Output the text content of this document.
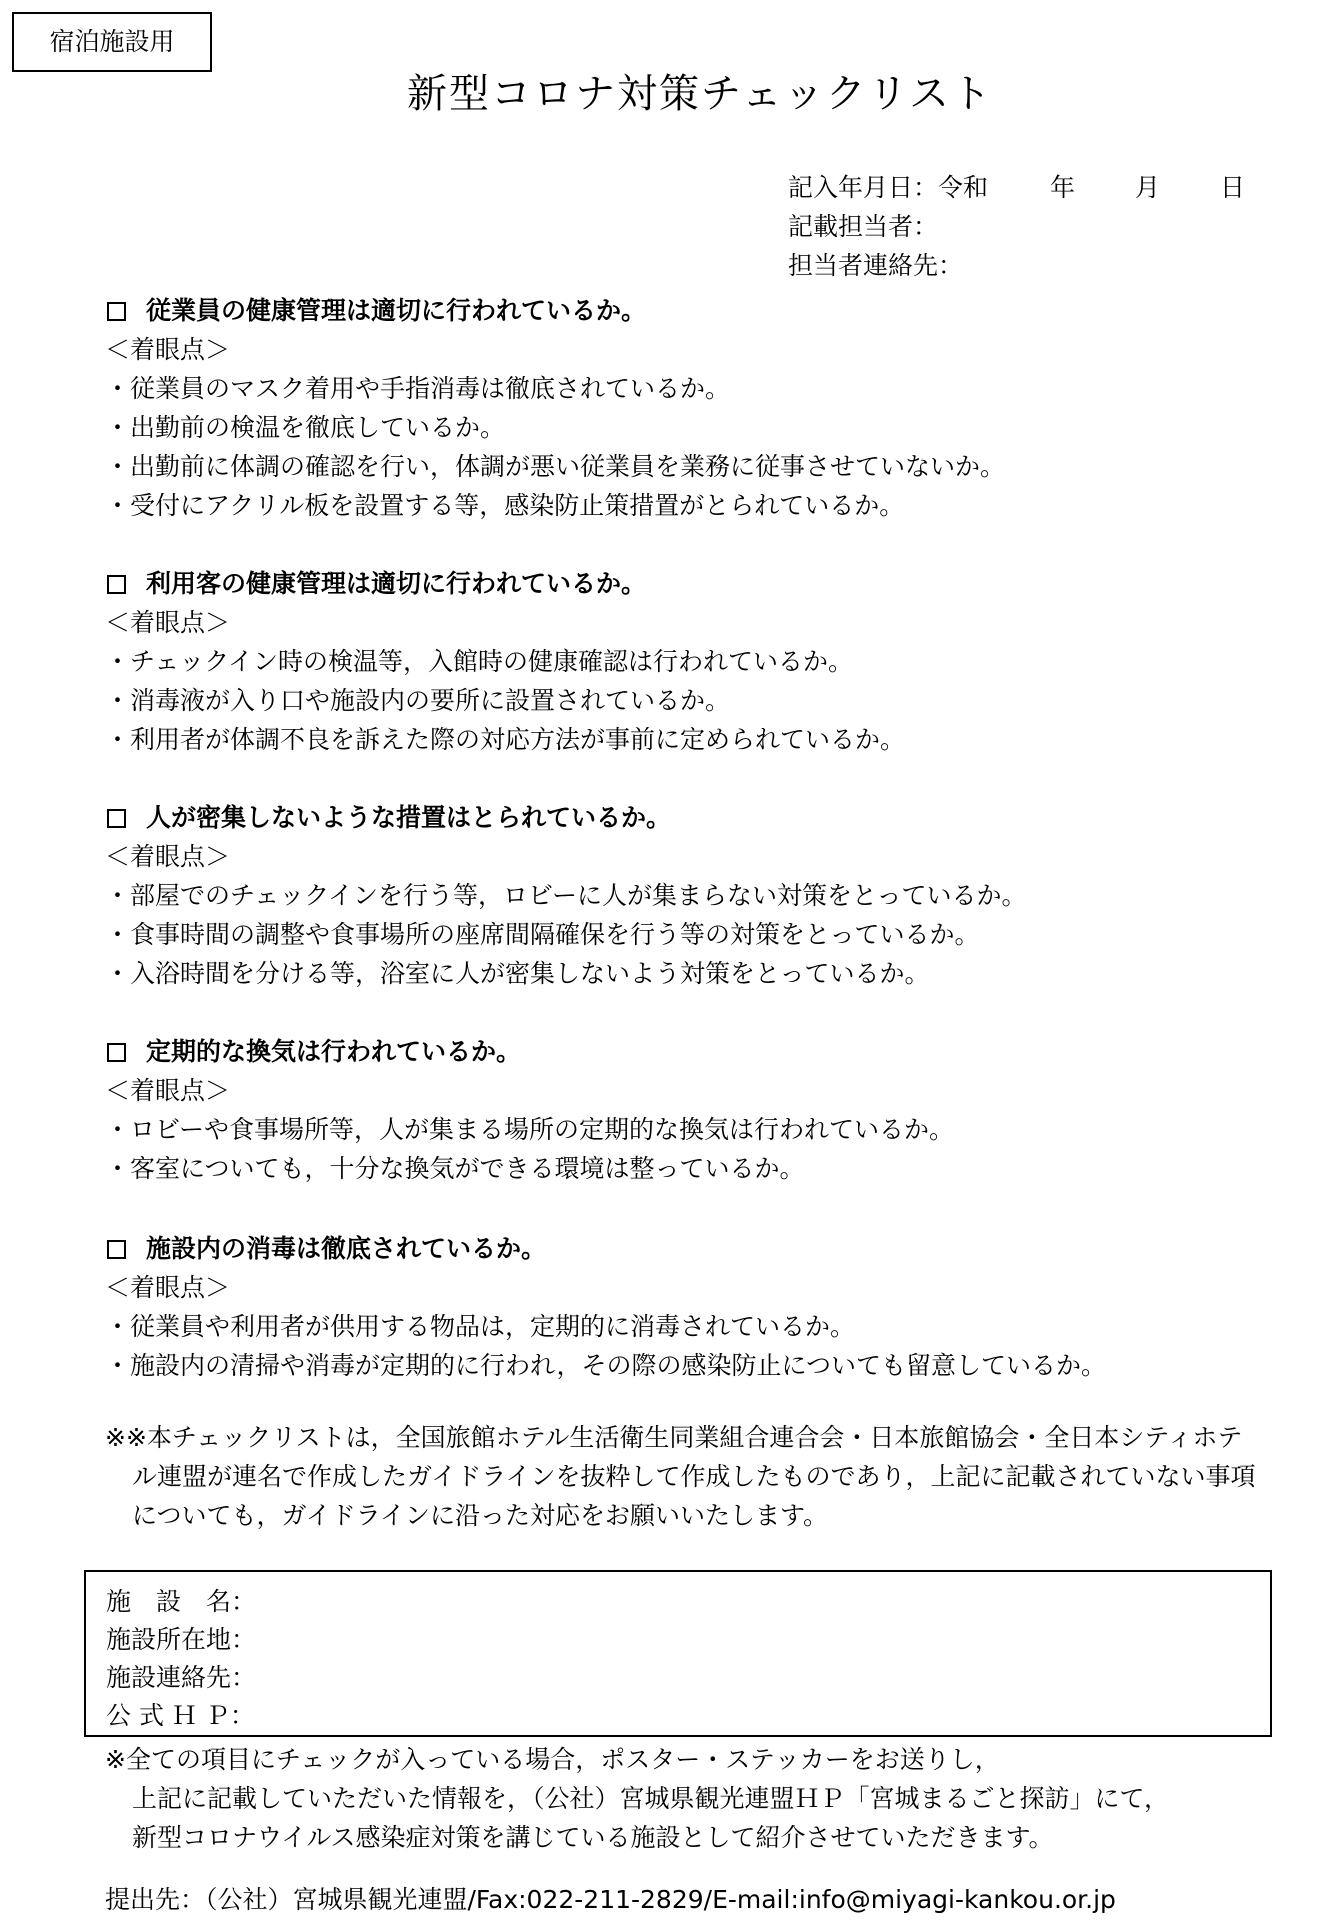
宿泊施設用
新型コロナ対策チェックリスト
記入年月日：令和 年 月 日
記載担当者：
担当者連絡先：
従業員の健康管理は適切に行われているか。
＜着眼点＞
・従業員のマスク着用や手指消毒は徹底されているか。
・出勤前の検温を徹底しているか。
・出勤前に体調の確認を行い，体調が悪い従業員を業務に従事させていないか。
・受付にアクリル板を設置する等，感染防止策措置がとられているか。
利用客の健康管理は適切に行われているか。
＜着眼点＞
・チェックイン時の検温等，入館時の健康確認は行われているか。
・消毒液が入り口や施設内の要所に設置されているか。
・利用者が体調不良を訴えた際の対応方法が事前に定められているか。
人が密集しないような措置はとられているか。
＜着眼点＞
・部屋でのチェックインを行う等，ロビーに人が集まらない対策をとっているか。
・食事時間の調整や食事場所の座席間隔確保を行う等の対策をとっているか。
・入浴時間を分ける等，浴室に人が密集しないよう対策をとっているか。
定期的な換気は行われているか。
＜着眼点＞
・ロビーや食事場所等，人が集まる場所の定期的な換気は行われているか。
・客室についても，十分な換気ができる環境は整っているか。
施設内の消毒は徹底されているか。
＜着眼点＞
・従業員や利用者が供用する物品は，定期的に消毒されているか。
・施設内の清掃や消毒が定期的に行われ，その際の感染防止についても留意しているか。
※※本チェックリストは，全国旅館ホテル生活衛生同業組合連合会・日本旅館協会・全日本シティホテ
ル連盟が連名で作成したガイドラインを抜粋して作成したものであり，上記に記載されていない事項
についても，ガイドラインに沿った対応をお願いいたします。
施　設　名：
施設所在地：
施設連絡先：
公 式 Ｈ Ｐ：
※全ての項目にチェックが入っている場合，ポスター・ステッカーをお送りし，
上記に記載していただいた情報を，（公社）宮城県観光連盟ＨＰ「宮城まるごと探訪」にて，
新型コロナウイルス感染症対策を講じている施設として紹介させていただきます。
提出先：（公社）宮城県観光連盟/Fax:022-211-2829/E-mail:info@miyagi-kankou.or.jp
